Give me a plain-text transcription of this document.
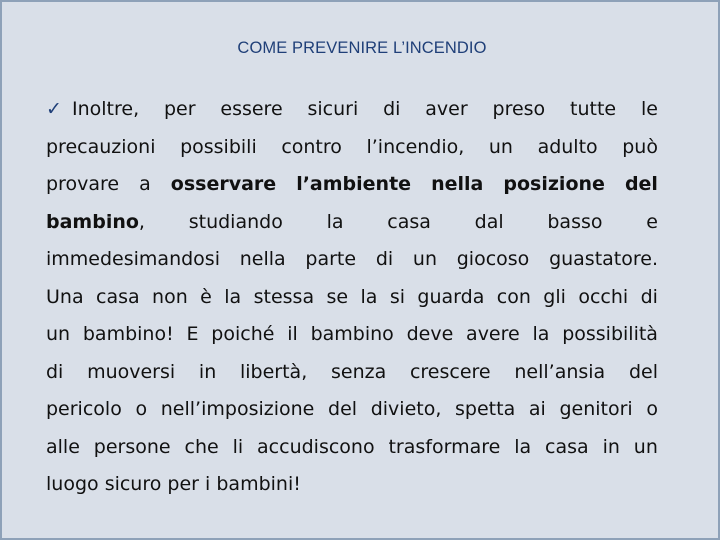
COME PREVENIRE L’INCENDIO
✓ Inoltre, per essere sicuri di aver preso tutte le
precauzioni possibili contro l’incendio, un adulto può
provare a osservare l’ambiente nella posizione del
bambino, studiando la casa dal basso e
immedesimandosi nella parte di un giocoso guastatore.
Una casa non è la stessa se la si guarda con gli occhi di
un bambino! E poiché il bambino deve avere la possibilità
di muoversi in libertà, senza crescere nell’ansia del
pericolo o nell’imposizione del divieto, spetta ai genitori o
alle persone che li accudiscono trasformare la casa in un
luogo sicuro per i bambini!
